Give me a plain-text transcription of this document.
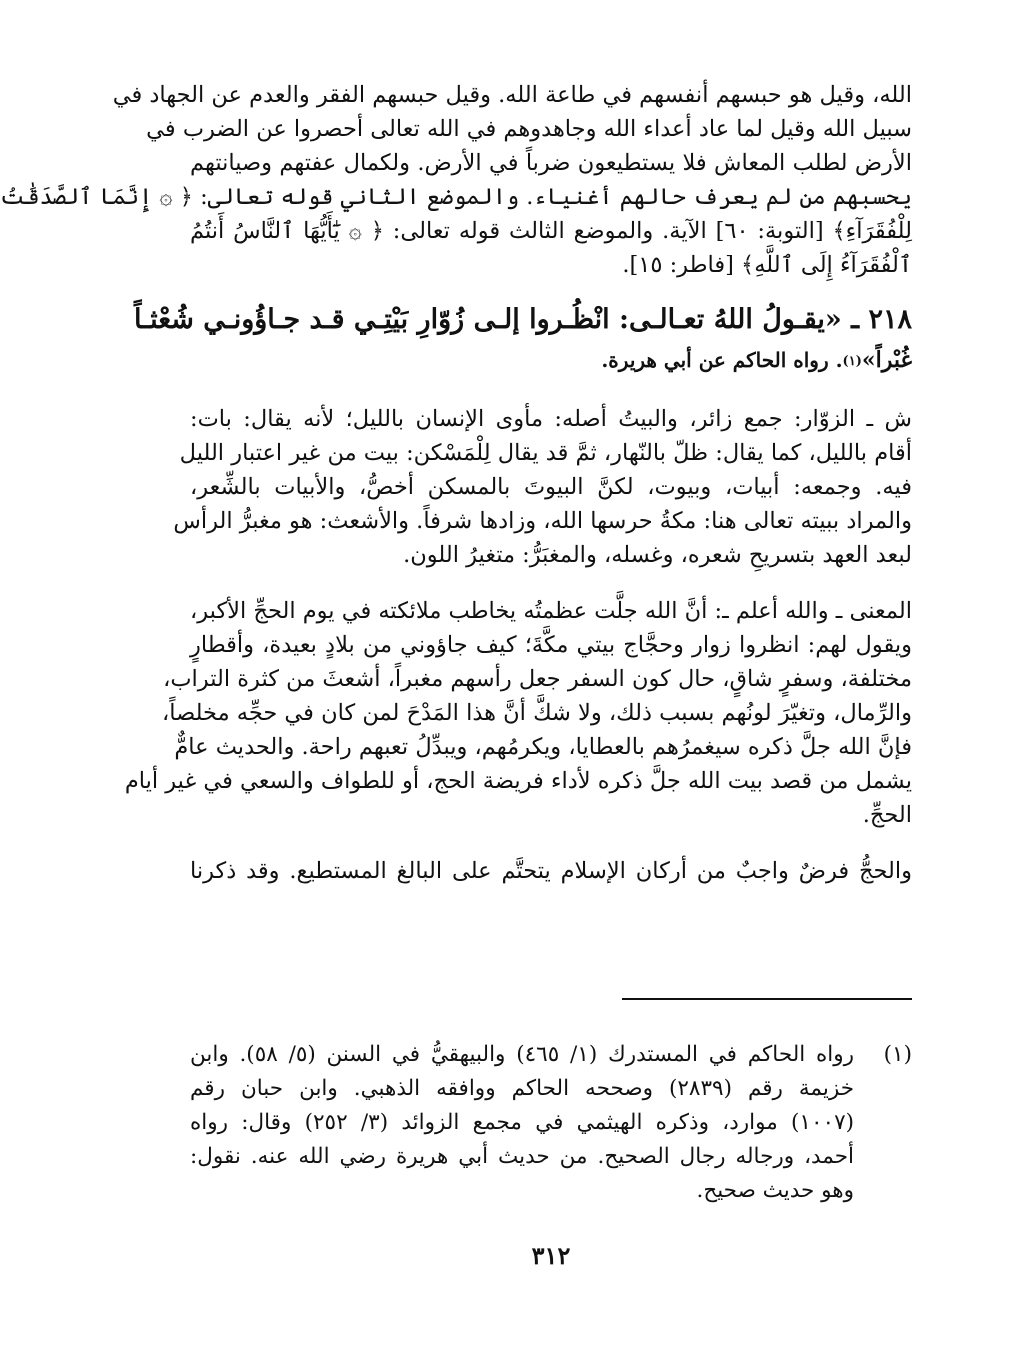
الله، وقيل هو حبسهم أنفسهم في طاعة الله. وقيل حبسهم الفقر والعدم عن الجهاد في
سبيل الله وقيل لما عاد أعداء الله وجاهدوهم في الله تعالى أحصروا عن الضرب في
الأرض لطلب المعاش فلا يستطيعون ضرباً في الأرض. ولكمال عفتهم وصيانتهم
يحسبهم من لم يعرف حالهم أغنياء. والموضع الثاني قوله تعالى: ﴿ ۞ إِنَّمَا ٱلصَّدَقَٰتُ
لِلْفُقَرَآءِ﴾ [التوبة: ٦٠] الآية. والموضع الثالث قوله تعالى: ﴿ ۞ يَٰٓأَيُّهَا ٱلنَّاسُ أَنتُمُ
ٱلْفُقَرَآءُ إِلَى ٱللَّهِ﴾ [فاطر: ١٥].
٢١٨ ـ «يقـولُ اللهُ تعـالـى: انْظُـروا إلـى زُوّارِ بَيْتِـي قـد جـاؤُونـي شُعْثـاً
غُبْراً»$^{(١)}$. رواه الحاكم عن أبي هريرة.
ش ـ الزوّار: جمع زائر، والبيتُ أصله: مأوى الإنسان بالليل؛ لأنه يقال: بات:
أقام بالليل، كما يقال: ظلّ بالنّهار، ثمَّ قد يقال لِلْمَسْكن: بيت من غير اعتبار الليل
فيه. وجمعه: أبيات، وبيوت، لكنَّ البيوتَ بالمسكن أخصُّ، والأبيات بالشِّعر،
والمراد ببيته تعالى هنا: مكةُ حرسها الله، وزادها شرفاً. والأشعث: هو مغبرُّ الرأس
لبعد العهد بتسريحِ شعره، وغسله، والمغبَرُّ: متغيرُ اللون.
المعنى ـ والله أعلم ـ: أنَّ الله جلَّت عظمتُه يخاطب ملائكته في يوم الحجِّ الأكبر،
ويقول لهم: انظروا زوار وحجَّاج بيتي مكَّةَ؛ كيف جاؤوني من بلادٍ بعيدة، وأقطارٍ
مختلفة، وسفرٍ شاقٍ، حال كون السفر جعل رأسهم مغبراً، أشعثَ من كثرة التراب،
والرِّمال، وتغيّرَ لونُهم بسبب ذلك، ولا شكَّ أنَّ هذا المَدْحَ لمن كان في حجِّه مخلصاً،
فإنَّ الله جلَّ ذكره سيغمرُهم بالعطايا، ويكرمُهم، ويبدِّلُ تعبهم راحة. والحديث عامٌّ
يشمل من قصد بيت الله جلَّ ذكره لأداء فريضة الحج، أو للطواف والسعي في غير أيام
الحجِّ.
والحجُّ فرضٌ واجبٌ من أركان الإسلام يتحتَّم على البالغ المستطيع. وقد ذكرنا
(١)
رواه الحاكم في المستدرك (١/ ٤٦٥) والبيهقيُّ في السنن (٥/ ٥٨). وابن
خزيمة رقم (٢٨٣٩) وصححه الحاكم ووافقه الذهبي. وابن حبان رقم
(١٠٠٧) موارد، وذكره الهيثمي في مجمع الزوائد (٣/ ٢٥٢) وقال: رواه
أحمد، ورجاله رجال الصحيح. من حديث أبي هريرة رضي الله عنه. نقول:
وهو حديث صحيح.
٣١٢
